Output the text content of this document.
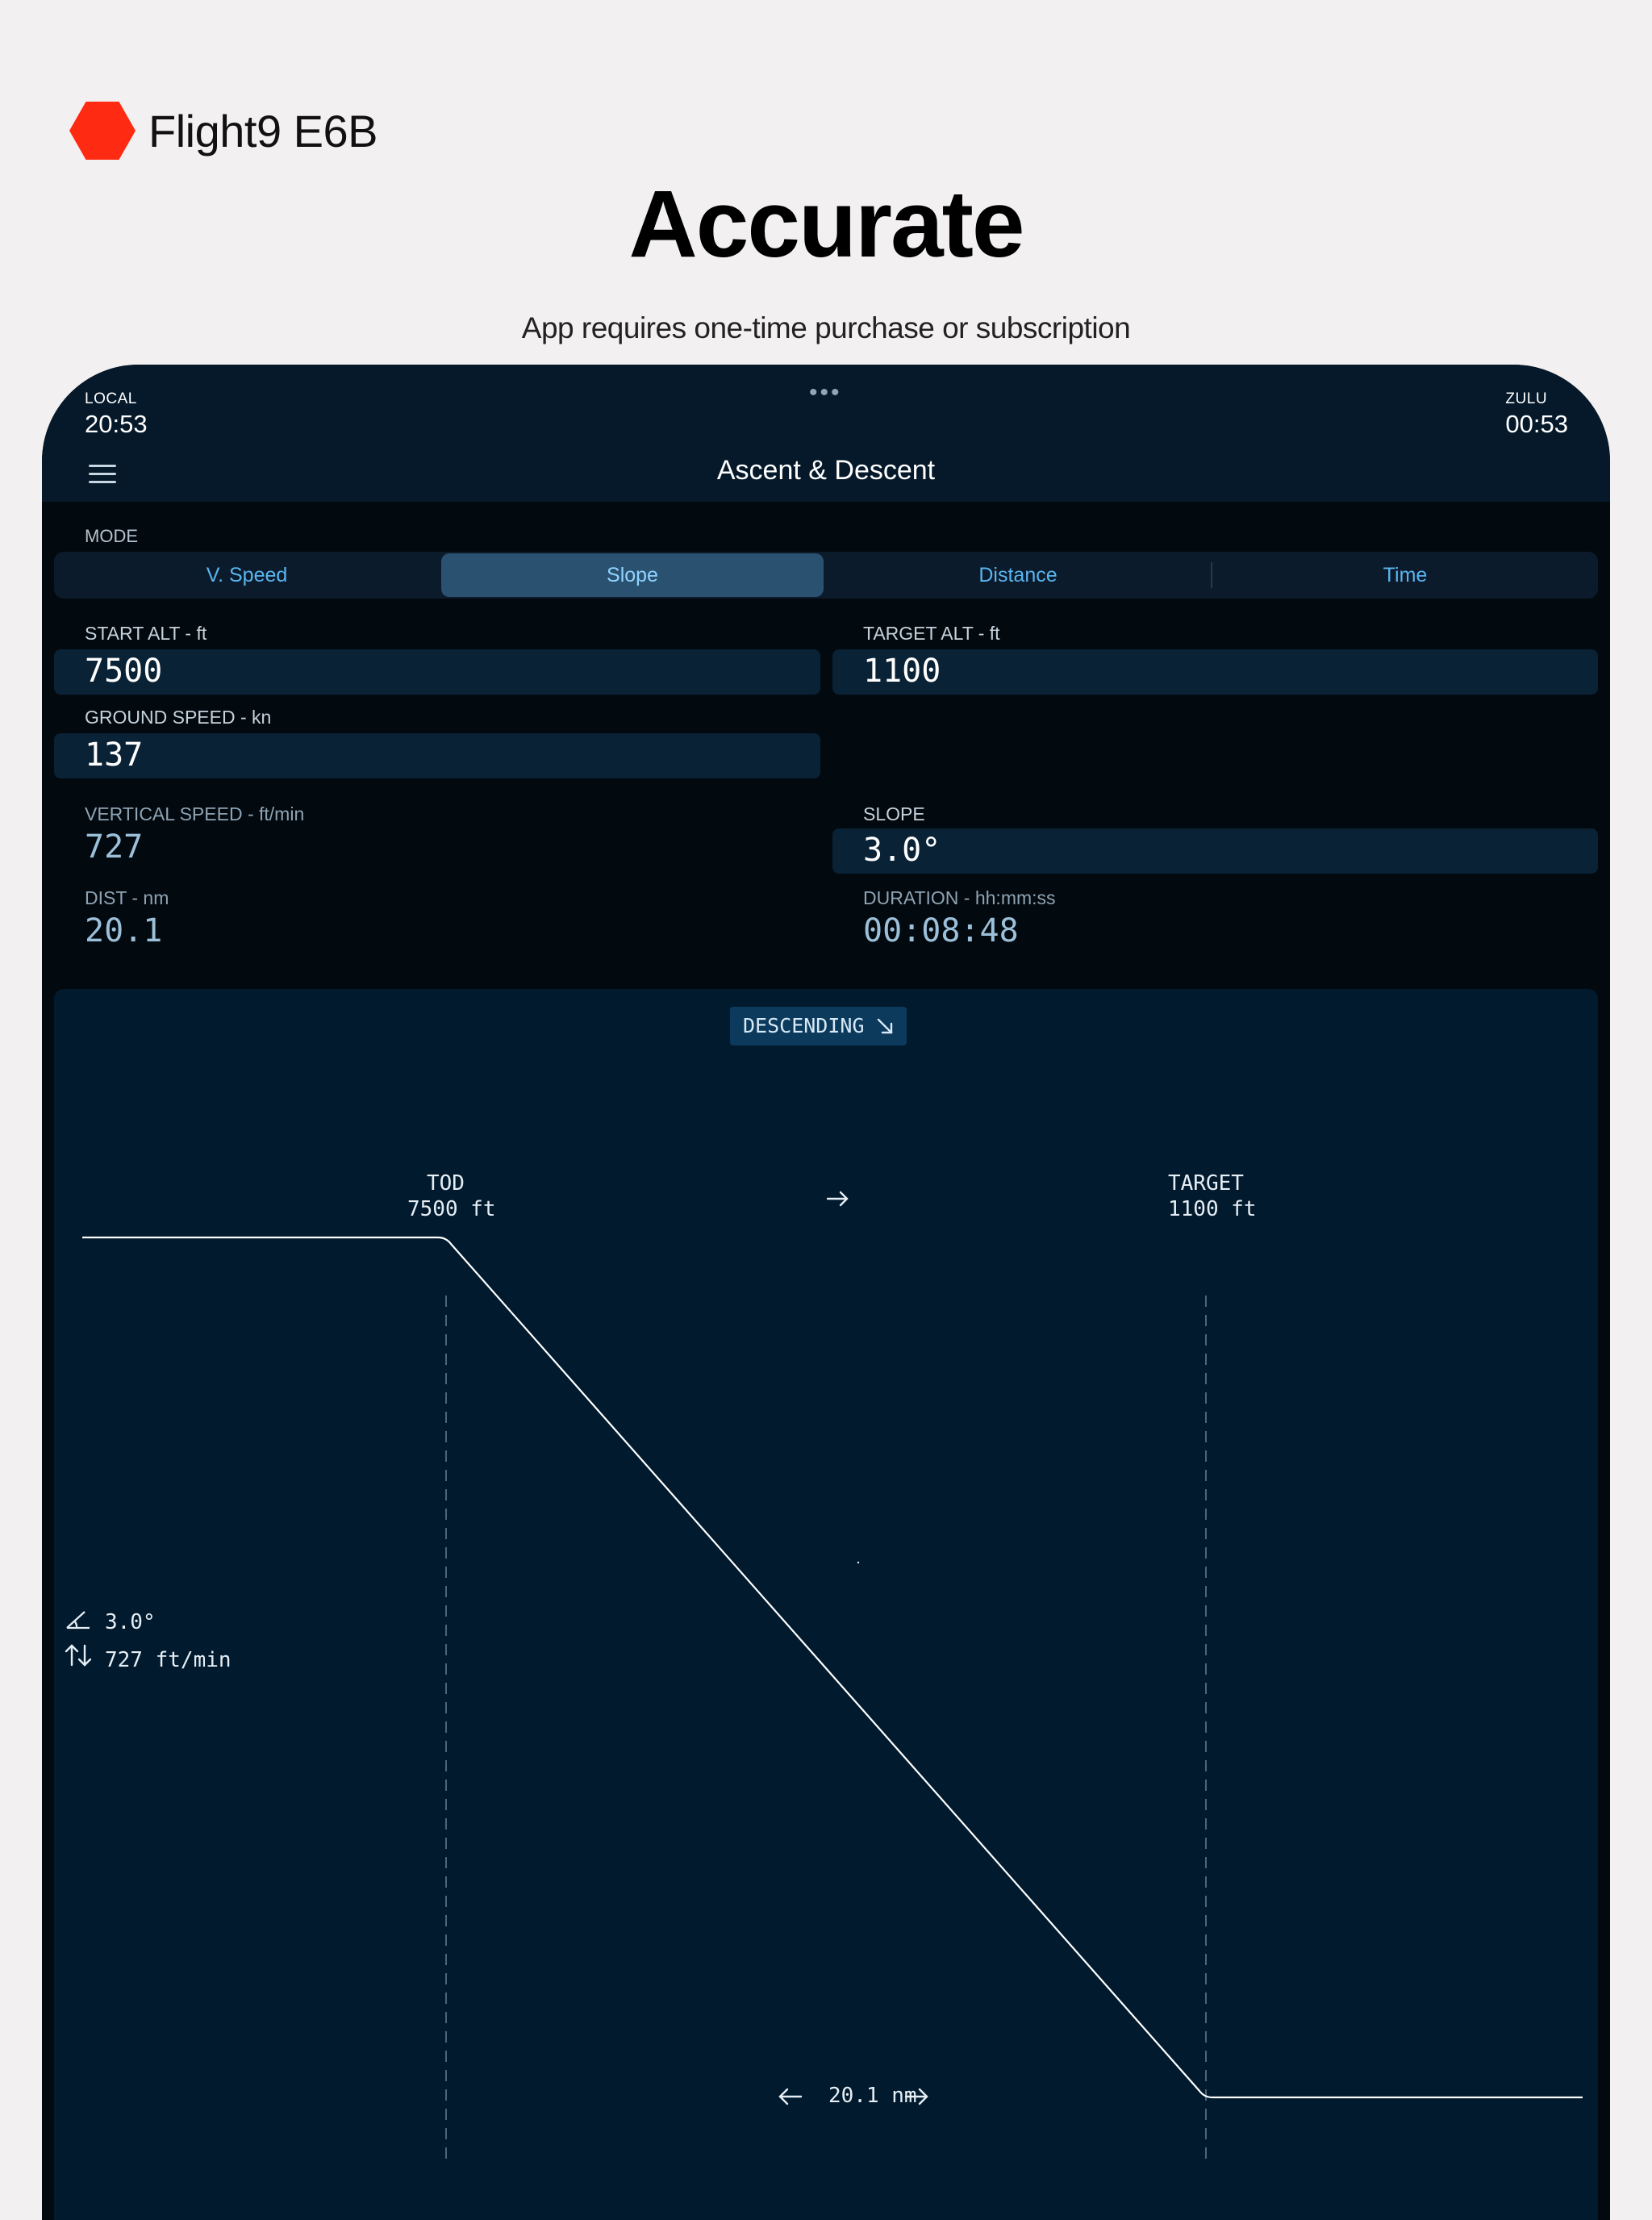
Flight9 E6B
Accurate
App requires one-time purchase or subscription
•••
LOCAL
20:53
ZULU
00:53
Ascent & Descent
MODE
V. Speed	Slope	Distance	Time
START ALT - ft
7500
TARGET ALT - ft
1100
GROUND SPEED - kn
137
VERTICAL SPEED - ft/min
727
SLOPE
3.0°
DIST - nm
20.1
DURATION - hh:mm:ss
00:08:48
DESCENDING
TOD
7500 ft
TARGET
1100 ft
3.0°
727 ft/min
20.1 nm
